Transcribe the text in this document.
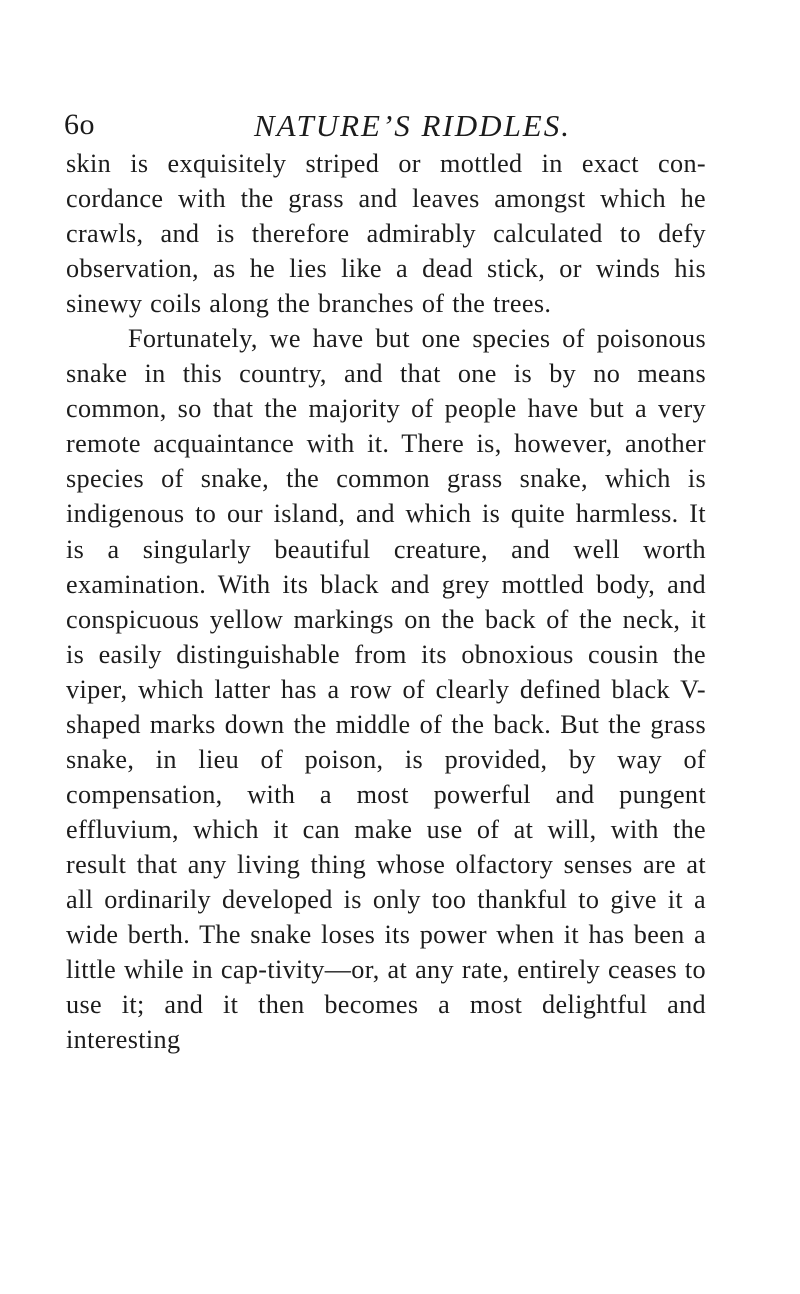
6o	NATURE’S RIDDLES.

skin is exquisitely striped or mottled in exact con-cordance with the grass and leaves amongst which he crawls, and is therefore admirably calculated to defy observation, as he lies like a dead stick, or winds his sinewy coils along the branches of the trees.

Fortunately, we have but one species of poisonous snake in this country, and that one is by no means common, so that the majority of people have but a very remote acquaintance with it. There is, however, another species of snake, the common grass snake, which is indigenous to our island, and which is quite harmless. It is a singularly beautiful creature, and well worth examination. With its black and grey mottled body, and conspicuous yellow markings on the back of the neck, it is easily distinguishable from its obnoxious cousin the viper, which latter has a row of clearly defined black V-shaped marks down the middle of the back. But the grass snake, in lieu of poison, is provided, by way of compensation, with a most powerful and pungent effluvium, which it can make use of at will, with the result that any living thing whose olfactory senses are at all ordinarily developed is only too thankful to give it a wide berth. The snake loses its power when it has been a little while in cap-tivity—or, at any rate, entirely ceases to use it; and it then becomes a most delightful and interesting
